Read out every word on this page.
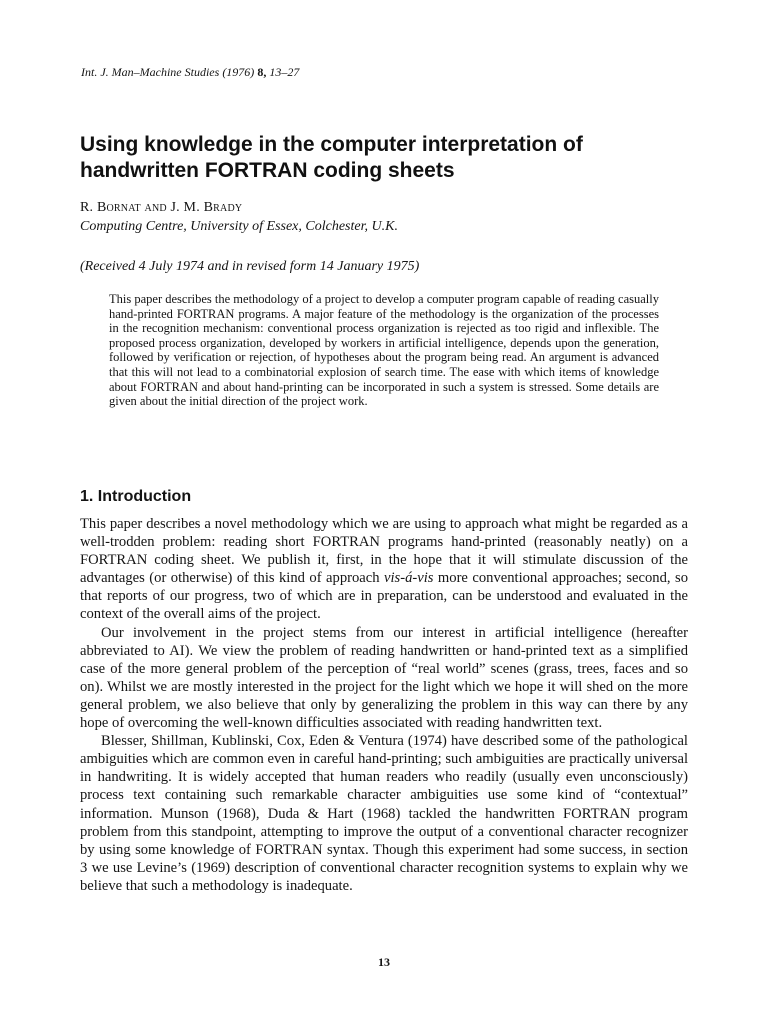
Int. J. Man–Machine Studies (1976) 8, 13–27
Using knowledge in the computer interpretation of handwritten FORTRAN coding sheets

R. Bornat and J. M. Brady

Computing Centre, University of Essex, Colchester, U.K.

(Received 4 July 1974 and in revised form 14 January 1975)

This paper describes the methodology of a project to develop a computer program capable of reading casually hand-printed FORTRAN programs. A major feature of the methodology is the organization of the processes in the recognition mechanism: conventional process organization is rejected as too rigid and inflexible. The proposed process organization, developed by workers in artificial intelligence, depends upon the generation, followed by verification or rejection, of hypotheses about the program being read. An argument is advanced that this will not lead to a combinatorial explosion of search time. The ease with which items of knowledge about FORTRAN and about hand-printing can be incorporated in such a system is stressed. Some details are given about the initial direction of the project work.

1. Introduction

This paper describes a novel methodology which we are using to approach what might be regarded as a well-trodden problem: reading short FORTRAN programs hand-printed (reasonably neatly) on a FORTRAN coding sheet. We publish it, first, in the hope that it will stimulate discussion of the advantages (or otherwise) of this kind of approach vis-á-vis more conventional approaches; second, so that reports of our progress, two of which are in preparation, can be understood and evaluated in the context of the overall aims of the project.

Our involvement in the project stems from our interest in artificial intelligence (hereafter abbreviated to AI). We view the problem of reading handwritten or hand-printed text as a simplified case of the more general problem of the perception of “real world” scenes (grass, trees, faces and so on). Whilst we are mostly interested in the project for the light which we hope it will shed on the more general problem, we also believe that only by generalizing the problem in this way can there by any hope of overcoming the well-known difficulties associated with reading handwritten text.

Blesser, Shillman, Kublinski, Cox, Eden & Ventura (1974) have described some of the pathological ambiguities which are common even in careful hand-printing; such ambiguities are practically universal in handwriting. It is widely accepted that human readers who readily (usually even unconsciously) process text containing such remarkable character ambiguities use some kind of “contextual” information. Munson (1968), Duda & Hart (1968) tackled the handwritten FORTRAN program problem from this standpoint, attempting to improve the output of a conventional character recognizer by using some knowledge of FORTRAN syntax. Though this experiment had some success, in section 3 we use Levine’s (1969) description of conventional character recognition systems to explain why we believe that such a methodology is inadequate.

13
